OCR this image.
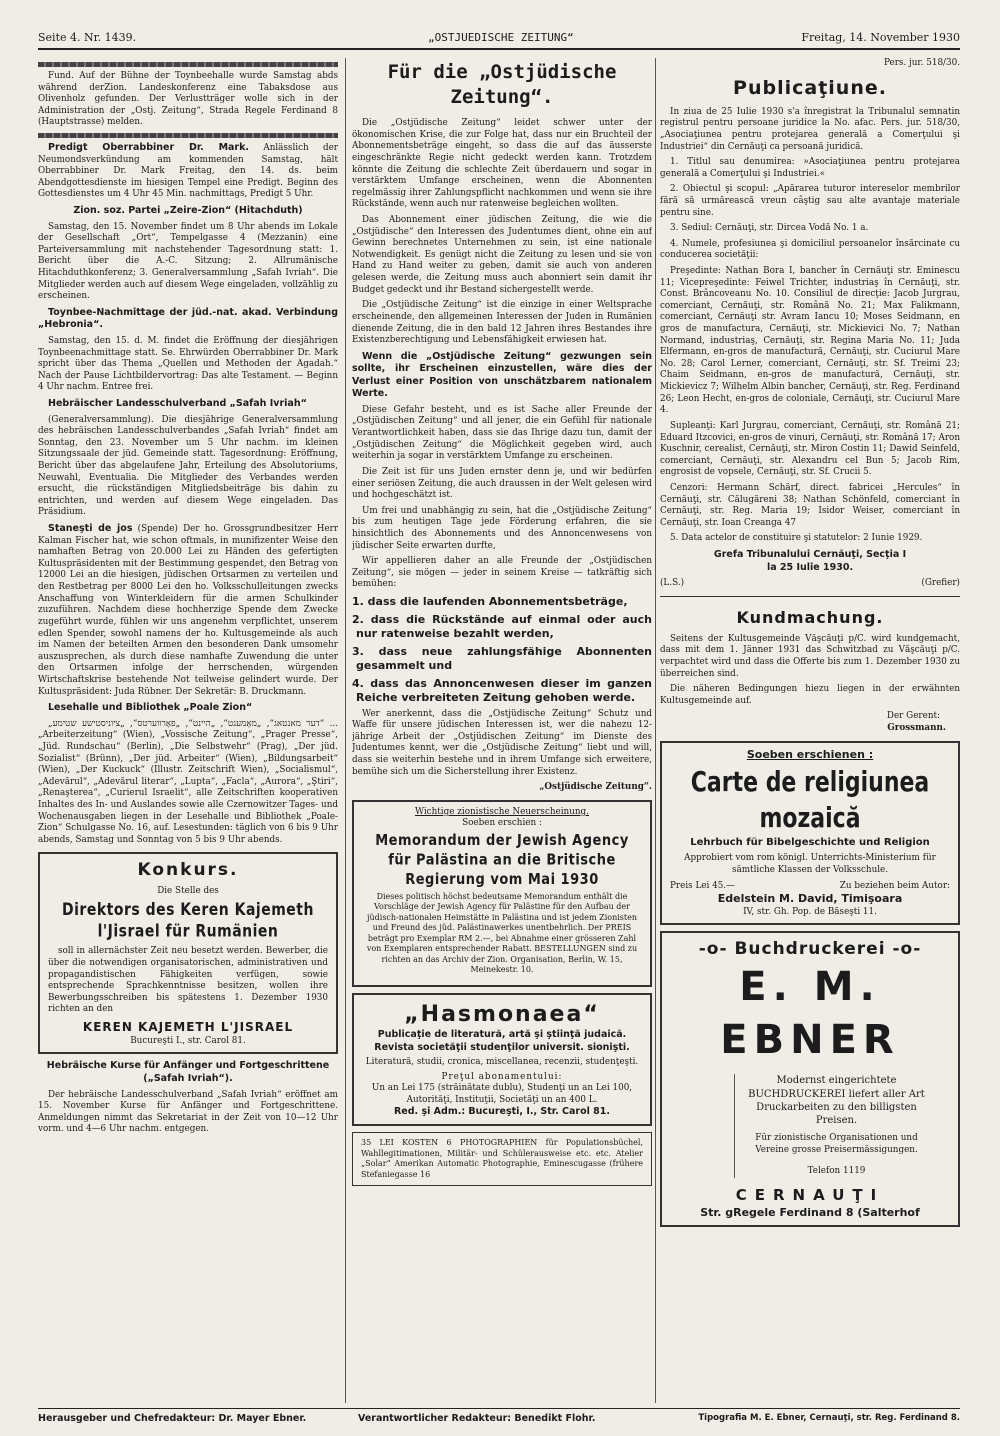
Seite 4. Nr. 1439.	„OSTJUEDISCHE ZEITUNG“	Freitag, 14. November 1930

Fund. Auf der Bühne der Toynbeehalle wurde Samstag abds während derZion. Landeskonferenz eine Tabaksdose aus Olivenholz gefunden. Der Verlustträger wolle sich in der Administration der „Ostj. Zeitung“, Strada Regele Ferdinand 8 (Hauptstrasse) melden.

Predigt Oberrabbiner Dr. Mark. Anlässlich der Neumondsverkündung am kommenden Samstag, hält Oberrabbiner Dr. Mark Freitag, den 14. ds. beim Abendgottesdienste im hiesigen Tempel eine Predigt. Beginn des Gottesdienstes um 4 Uhr 45 Min. nachmittags, Predigt 5 Uhr.

Zion. soz. Partei „Zeire-Zion“ (Hitachduth)

Samstag, den 15. November findet um 8 Uhr abends im Lokale der Gesellschaft „Ort“, Tempelgasse 4 (Mezzanin) eine Parteiversammlung mit nachstehender Tagesordnung statt: 1. Bericht über die A.-C. Sitzung; 2. Allrumänische Hitachduthkonferenz; 3. Generalversammlung „Safah Ivriah“. Die Mitglieder werden auch auf diesem Wege eingeladen, vollzählig zu erscheinen.

Toynbee-Nachmittage der jüd.-nat. akad. Verbindung „Hebronia“.

Samstag, den 15. d. M. findet die Eröffnung der diesjährigen Toynbeenachmittage statt. Se. Ehrwürden Oberrabbiner Dr. Mark spricht über das Thema „Quellen und Methoden der Agadah.“ Nach der Pause Lichtbildervortrag: Das alte Testament. — Beginn 4 Uhr nachm. Entree frei.

Hebräischer Landesschulverband „Safah Ivriah“

(Generalversammlung). Die diesjährige Generalversammlung des hebräischen Landesschulverbandes „Safah Ivriah“ findet am Sonntag, den 23. November um 5 Uhr nachm. im kleinen Sitzungssaale der jüd. Gemeinde statt. Tagesordnung: Eröffnung, Bericht über das abgelaufene Jahr, Erteilung des Absolutoriums, Neuwahl, Eventualia. Die Mitglieder des Verbandes werden ersucht, die rückständigen Mitgliedsbeiträge bis dahin zu entrichten, und werden auf diesem Wege eingeladen. Das Präsidium.

Staneşti de jos (Spende) Der ho. Grossgrundbesitzer Herr Kalman Fischer hat, wie schon oftmals, in munifizenter Weise den namhaften Betrag von 20.000 Lei zu Händen des gefertigten Kultuspräsidenten mit der Bestimmung gespendet, den Betrag von 12000 Lei an die hiesigen, jüdischen Ortsarmen zu verteilen und den Restbetrag per 8000 Lei den ho. Volksschulleitungen zwecks Anschaffung von Winterkleidern für die armen Schulkinder zuzuführen. Nachdem diese hochherzige Spende dem Zwecke zugeführt wurde, fühlen wir uns angenehm verpflichtet, unserem edlen Spender, sowohl namens der ho. Kultusgemeinde als auch im Namen der beteilten Armen den besonderen Dank umsomehr auszusprechen, als durch diese namhafte Zuwendung die unter den Ortsarmen infolge der herrschenden, würgenden Wirtschaftskrise bestehende Not teilweise gelindert wurde. Der Kultuspräsident: Juda Rübner. Der Sekretär: B. Druckmann.

Lesehalle und Bibliothek „Poale Zion“

„דער מאנטאג“, „מאָמענט“, „היינט“, „פאָרווערטס“, „ציוניסטישע שטימע“ ... „Arbeiterzeitung“ (Wien), „Vossische Zeitung“, „Prager Presse“, „Jüd. Rundschau“ (Berlin), „Die Selbstwehr“ (Prag), „Der jüd. Sozialist“ (Brünn), „Der jüd. Arbeiter“ (Wien), „Bildungsarbeit“ (Wien), „Der Kuckuck“ (Illustr. Zeitschrift Wien), „Socialismul“, „Adevărul“, „Adevărul literar“, „Lupta“, „Facla“, „Aurora“, „Ştiri“, „Renaşterea“, „Curierul Israelit“, alle Zeitschriften kooperativen Inhaltes des In- und Auslandes sowie alle Czernowitzer Tages- und Wochenausgaben liegen in der Lesehalle und Bibliothek „Poale-Zion“ Schulgasse No. 16, auf. Lesestunden: täglich von 6 bis 9 Uhr abends, Samstag und Sonntag von 5 bis 9 Uhr abends.

Konkurs.
Die Stelle des
Direktors des Keren Kajemeth l'Jisrael für Rumänien

soll in allernächster Zeit neu besetzt werden. Bewerber, die über die notwendigen organisatorischen, administrativen und propagandistischen Fähigkeiten verfügen, sowie entsprechende Sprachkenntnisse besitzen, wollen ihre Bewerbungsschreiben bis spätestens 1. Dezember 1930 richten an den

KEREN KAJEMETH L'JISRAEL
Bucureşti I., str. Carol 81.

Hebräische Kurse für Anfänger und Fortgeschrittene („Safah Ivriah“).

Der hebräische Landesschulverband „Safah Ivriah“ eröffnet am 15. November Kurse für Anfänger und Fortgeschrittene. Anmeldungen nimmt das Sekretariat in der Zeit von 10—12 Uhr vorm. und 4—6 Uhr nachm. entgegen.

Für die „Ostjüdische Zeitung“.

Die „Ostjüdische Zeitung“ leidet schwer unter der ökonomischen Krise, die zur Folge hat, dass nur ein Bruchteil der Abonnementsbeträge eingeht, so dass die auf das äusserste eingeschränkte Regie nicht gedeckt werden kann. Trotzdem könnte die Zeitung die schlechte Zeit überdauern und sogar in verstärktem Umfange erscheinen, wenn die Abonnenten regelmässig ihrer Zahlungspflicht nachkommen und wenn sie ihre Rückstände, wenn auch nur ratenweise begleichen wollten.

Das Abonnement einer jüdischen Zeitung, die wie die „Ostjüdische“ den Interessen des Judentumes dient, ohne ein auf Gewinn berechnetes Unternehmen zu sein, ist eine nationale Notwendigkeit. Es genügt nicht die Zeitung zu lesen und sie von Hand zu Hand weiter zu geben, damit sie auch von anderen gelesen werde, die Zeitung muss auch abonniert sein damit ihr Budget gedeckt und ihr Bestand sichergestellt werde.

Die „Ostjüdische Zeitung“ ist die einzige in einer Weltsprache erscheinende, den allgemeinen Interessen der Juden in Rumänien dienende Zeitung, die in den bald 12 Jahren ihres Bestandes ihre Existenzberechtigung und Lebensfähigkeit erwiesen hat.

Wenn die „Ostjüdische Zeitung“ gezwungen sein sollte, ihr Erscheinen einzustellen, wäre dies der Verlust einer Position von unschätzbarem nationalem Werte.

Diese Gefahr besteht, und es ist Sache aller Freunde der „Ostjüdischen Zeitung“ und all jener, die ein Gefühl für nationale Verantwortlichkeit haben, dass sie das Ihrige dazu tun, damit der „Ostjüdischen Zeitung“ die Möglichkeit gegeben wird, auch weiterhin ja sogar in verstärktem Umfange zu erscheinen.

Die Zeit ist für uns Juden ernster denn je, und wir bedürfen einer seriösen Zeitung, die auch draussen in der Welt gelesen wird und hochgeschätzt ist.

Um frei und unabhängig zu sein, hat die „Ostjüdische Zeitung“ bis zum heutigen Tage jede Förderung erfahren, die sie hinsichtlich des Abonnements und des Annoncenwesens von jüdischer Seite erwarten durfte,

Wir appellieren daher an alle Freunde der „Ostjüdischen Zeitung“, sie mögen — jeder in seinem Kreise — tatkräftig sich bemühen:

1. dass die laufenden Abonnementsbeträge,
2. dass die Rückstände auf einmal oder auch nur ratenweise bezahlt werden,
3. dass neue zahlungsfähige Abonnenten gesammelt und
4. dass das Annoncenwesen dieser im ganzen Reiche verbreiteten Zeitung gehoben werde.

Wer anerkennt, dass die „Ostjüdische Zeitung“ Schutz und Waffe für unsere jüdischen Interessen ist, wer die nahezu 12-jährige Arbeit der „Ostjüdischen Zeitung“ im Dienste des Judentumes kennt, wer die „Ostjüdische Zeitung“ liebt und will, dass sie weiterhin bestehe und in ihrem Umfange sich erweitere, bemühe sich um die Sicherstellung ihrer Existenz.

„Ostjüdische Zeitung“.

Wichtige zionistische Neuerscheinung.
Soeben erschien :
Memorandum der Jewish Agency für Palästina an die Britische Regierung vom Mai 1930

Dieses politisch höchst bedeutsame Memorandum enthält die Vorschläge der Jewish Agency für Palästine für den Aufbau der jüdisch-nationalen Heimstätte in Palästina und ist jedem Zionisten und Freund des jüd. Palästinawerkes unentbehrlich. Der PREIS beträgt pro Exemplar RM 2.—, bei Abnahme einer grösseren Zahl von Exemplaren entsprechender Rabatt. BESTELLUNGEN sind zu richten an das Archiv der Zion. Organisation, Berlin, W. 15, Meinekestr. 10.

„Hasmonaea“
Publicaţie de literatură, artă şi ştiinţă judaică. Revista societăţii studenţilor universit. sionişti.
Literatură, studii, cronica, miscellanea, recenzii, studenţeşti.
Preţul abonamentului:
Un an Lei 175 (străinătate dublu), Studenţi un an Lei 100, Autorităţi, Instituţii, Societăţi un an 400 L.
Red. şi Adm.: Bucureşti, I., Str. Carol 81.
35 LEI KOSTEN 6 PHOTOGRAPHIEN für Populationsbüchel, Wahllegitimationen, Militär- und Schülerausweise etc. etc. Atelier „Solar“ Amerikan Automatic Photographie, Eminescugasse (frühere Stefaniegasse 16
Pers. jur. 518/30.
Publicaţiune.

In ziua de 25 Iulie 1930 s'a înregistrat la Tribunalul semnatin registrul pentru persoane juridice la No. afac. Pers. jur. 518/30, „Asociaţiunea pentru protejarea generală a Comerţului şi Industriei“ din Cernăuţi ca persoană juridică.

1. Titlul sau denumirea: »Asociaţiunea pentru protejarea generală a Comerţului şi Industriei.«

2. Obiectul şi scopul: „Apărarea tuturor intereselor membrilor fără să urmărească vreun câştig sau alte avantaje materiale pentru sine.

3. Sediul: Cernăuţi, str. Dircea Vodă No. 1 a.

4. Numele, profesiunea şi domiciliul persoanelor însărcinate cu conducerea societăţii:

Preşedinte: Nathan Bora I, bancher în Cernăuţi str. Eminescu 11; Vicepreşedinte: Feiwel Trichter, industriaş în Cernăuţi, str. Const. Brâncoveanu No. 10. Consiliul de direcţie: Jacob Jurgrau, comerciant, Cernăuţi, str. Română No. 21; Max Falikmann, comerciant, Cernăuţi str. Avram Iancu 10; Moses Seidmann, en gros de manufactura, Cernăuţi, str. Mickievici No. 7; Nathan Normand, industriaş, Cernăuţi, str. Regina Maria No. 11; Juda Elfermann, en-gros de manufactură, Cernăuţi, str. Cuciurul Mare No. 28; Carol Lerner, comerciant, Cernăuţi, str. Sf. Treimi 23; Chaim Seidmann, en-gros de manufactură, Cernăuţi, str. Mickievicz 7; Wilhelm Albin bancher, Cernăuţi, str. Reg. Ferdinand 26; Leon Hecht, en-gros de coloniale, Cernăuţi, str. Cuciurul Mare 4.

Supleanţi: Karl Jurgrau, comerciant, Cernăuţi, str. Română 21; Eduard Itzcovici, en-gros de vinuri, Cernăuţi, str. Română 17; Aron Kuschnir, cerealist, Cernăuţi, str. Miron Costin 11; Dawid Seinfeld, comerciant, Cernăuţi, str. Alexandru cel Bun 5; Jacob Rim, engrosist de vopsele, Cernăuţi, str. Sf. Crucii 5.

Cenzori: Hermann Schärf, direct. fabricei „Hercules“ în Cernăuţi, str. Călugăreni 38; Nathan Schönfeld, comerciant în Cernăuţi, str. Reg. Maria 19; Isidor Weiser, comerciant în Cernăuţi, str. Ioan Creanga 47

5. Data actelor de constituire şi statutelor: 2 Iunie 1929.

Grefa Tribunalului Cernăuţi, Secţia I
la 25 Iulie 1930.
(L.S.)	(Grefier)
Kundmachung.

Seitens der Kultusgemeinde Văşcăuţi p/C. wird kundgemacht, dass mit dem 1. Jänner 1931 das Schwitzbad zu Văşcăuţi p/C. verpachtet wird und dass die Offerte bis zum 1. Dezember 1930 zu überreichen sind.

Die näheren Bedingungen hiezu liegen in der erwähnten Kultusgemeinde auf.

Der Gerent:
Grossmann.
Soeben erschienen :
Carte de religiunea mozaică
Lehrbuch für Bibelgeschichte und Religion
Approbiert vom rom königl. Unterrichts-Ministerium für sämtliche Klassen der Volksschule.
Preis Lei 45.—	Zu beziehen beim Autor:
Edelstein M. David, Timişoara
IV, str. Gh. Pop. de Băseşti 11.
-o- Buchdruckerei -o-
E. M. EBNER
Modernst eingerichtete BUCHDRUCKEREI liefert aller Art Druckarbeiten zu den billigsten Preisen.
Für zionistische Organisationen und Vereine grosse Preisermässigungen.
Telefon 1119
CERNAUŢI
Str. gRegele Ferdinand 8 (Salterhof
Herausgeber und Chefredakteur: Dr. Mayer Ebner.	Verantwortlicher Redakteur: Benedikt Flohr.	Tipografia M. E. Ebner, Cernauţi, str. Reg. Ferdinand 8.
